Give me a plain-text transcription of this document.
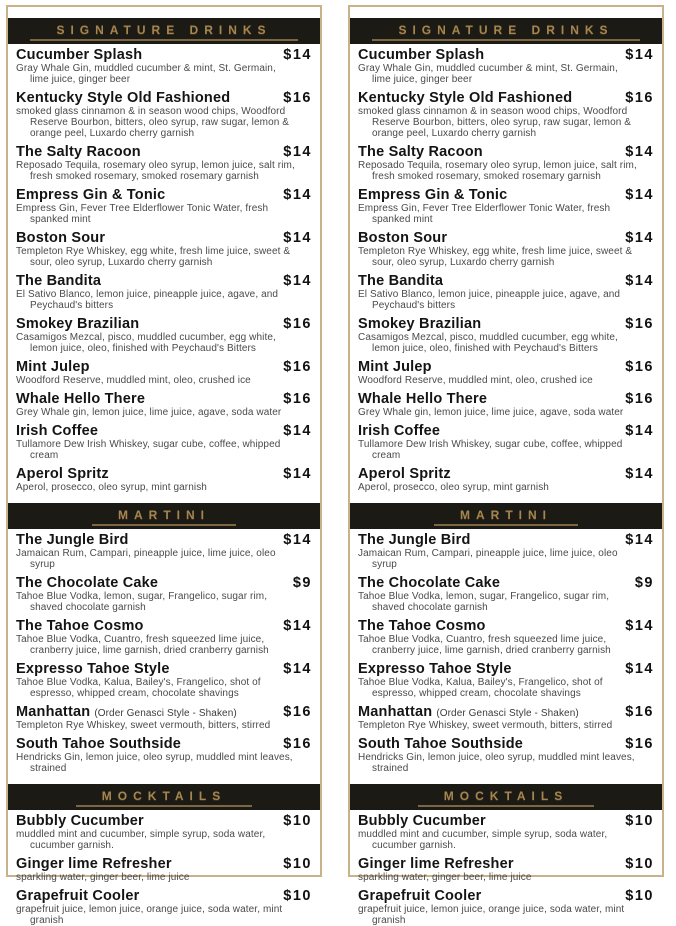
SIGNATURE DRINKS
Cucumber Splash	$14
Gray Whale Gin, muddled cucumber & mint, St. Germain, lime juice, ginger beer
Kentucky Style Old Fashioned	$16
smoked glass cinnamon & in season wood chips, Woodford Reserve Bourbon, bitters, oleo syrup, raw sugar, lemon & orange peel, Luxardo cherry garnish
The Salty Racoon	$14
Reposado Tequila, rosemary oleo syrup, lemon juice, salt rim, fresh smoked rosemary, smoked rosemary garnish
Empress Gin & Tonic	$14
Empress Gin, Fever Tree Elderflower Tonic Water, fresh spanked mint
Boston Sour	$14
Templeton Rye Whiskey, egg white, fresh lime juice, sweet & sour, oleo syrup, Luxardo cherry garnish
The Bandita	$14
El Sativo Blanco, lemon juice, pineapple juice, agave, and Peychaud's bitters
Smokey Brazilian	$16
Casamigos Mezcal, pisco, muddled cucumber, egg white, lemon juice, oleo, finished with Peychaud's Bitters
Mint Julep	$16
Woodford Reserve, muddled mint, oleo, crushed ice
Whale Hello There	$16
Grey Whale gin, lemon juice, lime juice, agave, soda water
Irish Coffee	$14
Tullamore Dew Irish Whiskey, sugar cube, coffee, whipped cream
Aperol Spritz	$14
Aperol, prosecco, oleo syrup, mint garnish
MARTINI
The Jungle Bird	$14
Jamaican Rum, Campari, pineapple juice, lime juice, oleo syrup
The Chocolate Cake	$9
Tahoe Blue Vodka, lemon, sugar, Frangelico, sugar rim, shaved chocolate garnish
The Tahoe Cosmo	$14
Tahoe Blue Vodka, Cuantro, fresh squeezed lime juice, cranberry juice, lime garnish, dried cranberry garnish
Expresso Tahoe Style	$14
Tahoe Blue Vodka, Kalua, Bailey's, Frangelico, shot of espresso, whipped cream, chocolate shavings
Manhattan (Order Genasci Style - Shaken)	$16
Templeton Rye Whiskey, sweet vermouth, bitters, stirred
South Tahoe Southside	$16
Hendricks Gin, lemon juice, oleo syrup, muddled mint leaves, strained
MOCKTAILS
Bubbly Cucumber	$10
muddled mint and cucumber, simple syrup, soda water, cucumber garnish.
Ginger lime Refresher	$10
sparkling water, ginger beer, lime juice
Grapefruit Cooler	$10
grapefruit juice, lemon juice, orange juice, soda water, mint granish
SIGNATURE DRINKS
Cucumber Splash	$14
Gray Whale Gin, muddled cucumber & mint, St. Germain, lime juice, ginger beer
Kentucky Style Old Fashioned	$16
smoked glass cinnamon & in season wood chips, Woodford Reserve Bourbon, bitters, oleo syrup, raw sugar, lemon & orange peel, Luxardo cherry garnish
The Salty Racoon	$14
Reposado Tequila, rosemary oleo syrup, lemon juice, salt rim, fresh smoked rosemary, smoked rosemary garnish
Empress Gin & Tonic	$14
Empress Gin, Fever Tree Elderflower Tonic Water, fresh spanked mint
Boston Sour	$14
Templeton Rye Whiskey, egg white, fresh lime juice, sweet & sour, oleo syrup, Luxardo cherry garnish
The Bandita	$14
El Sativo Blanco, lemon juice, pineapple juice, agave, and Peychaud's bitters
Smokey Brazilian	$16
Casamigos Mezcal, pisco, muddled cucumber, egg white, lemon juice, oleo, finished with Peychaud's Bitters
Mint Julep	$16
Woodford Reserve, muddled mint, oleo, crushed ice
Whale Hello There	$16
Grey Whale gin, lemon juice, lime juice, agave, soda water
Irish Coffee	$14
Tullamore Dew Irish Whiskey, sugar cube, coffee, whipped cream
Aperol Spritz	$14
Aperol, prosecco, oleo syrup, mint garnish
MARTINI
The Jungle Bird	$14
Jamaican Rum, Campari, pineapple juice, lime juice, oleo syrup
The Chocolate Cake	$9
Tahoe Blue Vodka, lemon, sugar, Frangelico, sugar rim, shaved chocolate garnish
The Tahoe Cosmo	$14
Tahoe Blue Vodka, Cuantro, fresh squeezed lime juice, cranberry juice, lime garnish, dried cranberry garnish
Expresso Tahoe Style	$14
Tahoe Blue Vodka, Kalua, Bailey's, Frangelico, shot of espresso, whipped cream, chocolate shavings
Manhattan (Order Genasci Style - Shaken)	$16
Templeton Rye Whiskey, sweet vermouth, bitters, stirred
South Tahoe Southside	$16
Hendricks Gin, lemon juice, oleo syrup, muddled mint leaves, strained
MOCKTAILS
Bubbly Cucumber	$10
muddled mint and cucumber, simple syrup, soda water, cucumber garnish.
Ginger lime Refresher	$10
sparkling water, ginger beer, lime juice
Grapefruit Cooler	$10
grapefruit juice, lemon juice, orange juice, soda water, mint granish
